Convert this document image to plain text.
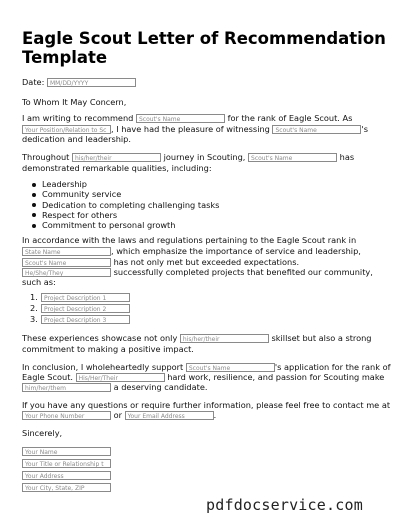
Eagle Scout Letter of Recommendation Template
Date: MM/DD/YYYY
To Whom It May Concern,
I am writing to recommend Scout's Name	for the rank of Eagle Scout. As
Your Position/Relation to Sc , I have had the pleasure of witnessing Scout's Name	's
dedication and leadership.
Throughout his/her/their	journey in Scouting, Scout's Name	has
demonstrated remarkable qualities, including:
Leadership
Community service
Dedication to completing challenging tasks
Respect for others
Commitment to personal growth
In accordance with the laws and regulations pertaining to the Eagle Scout rank in
State Name	, which emphasize the importance of service and leadership,
Scout's Name	has not only met but exceeded expectations.
He/She/They	successfully completed projects that benefited our community,
such as:
1. Project Description 1
2. Project Description 2
3. Project Description 3
These experiences showcase not only his/her/their	skillset but also a strong
commitment to making a positive impact.
In conclusion, I wholeheartedly support Scout's Name	's application for the rank of
Eagle Scout. His/Her/Their	hard work, resilience, and passion for Scouting make
him/her/them	a deserving candidate.
If you have any questions or require further information, please feel free to contact me at
Your Phone Number	or Your Email Address	.
Sincerely,
Your Name
Your Title or Relationship t
Your Address
Your City, State, ZIP
pdfdocservice.com
